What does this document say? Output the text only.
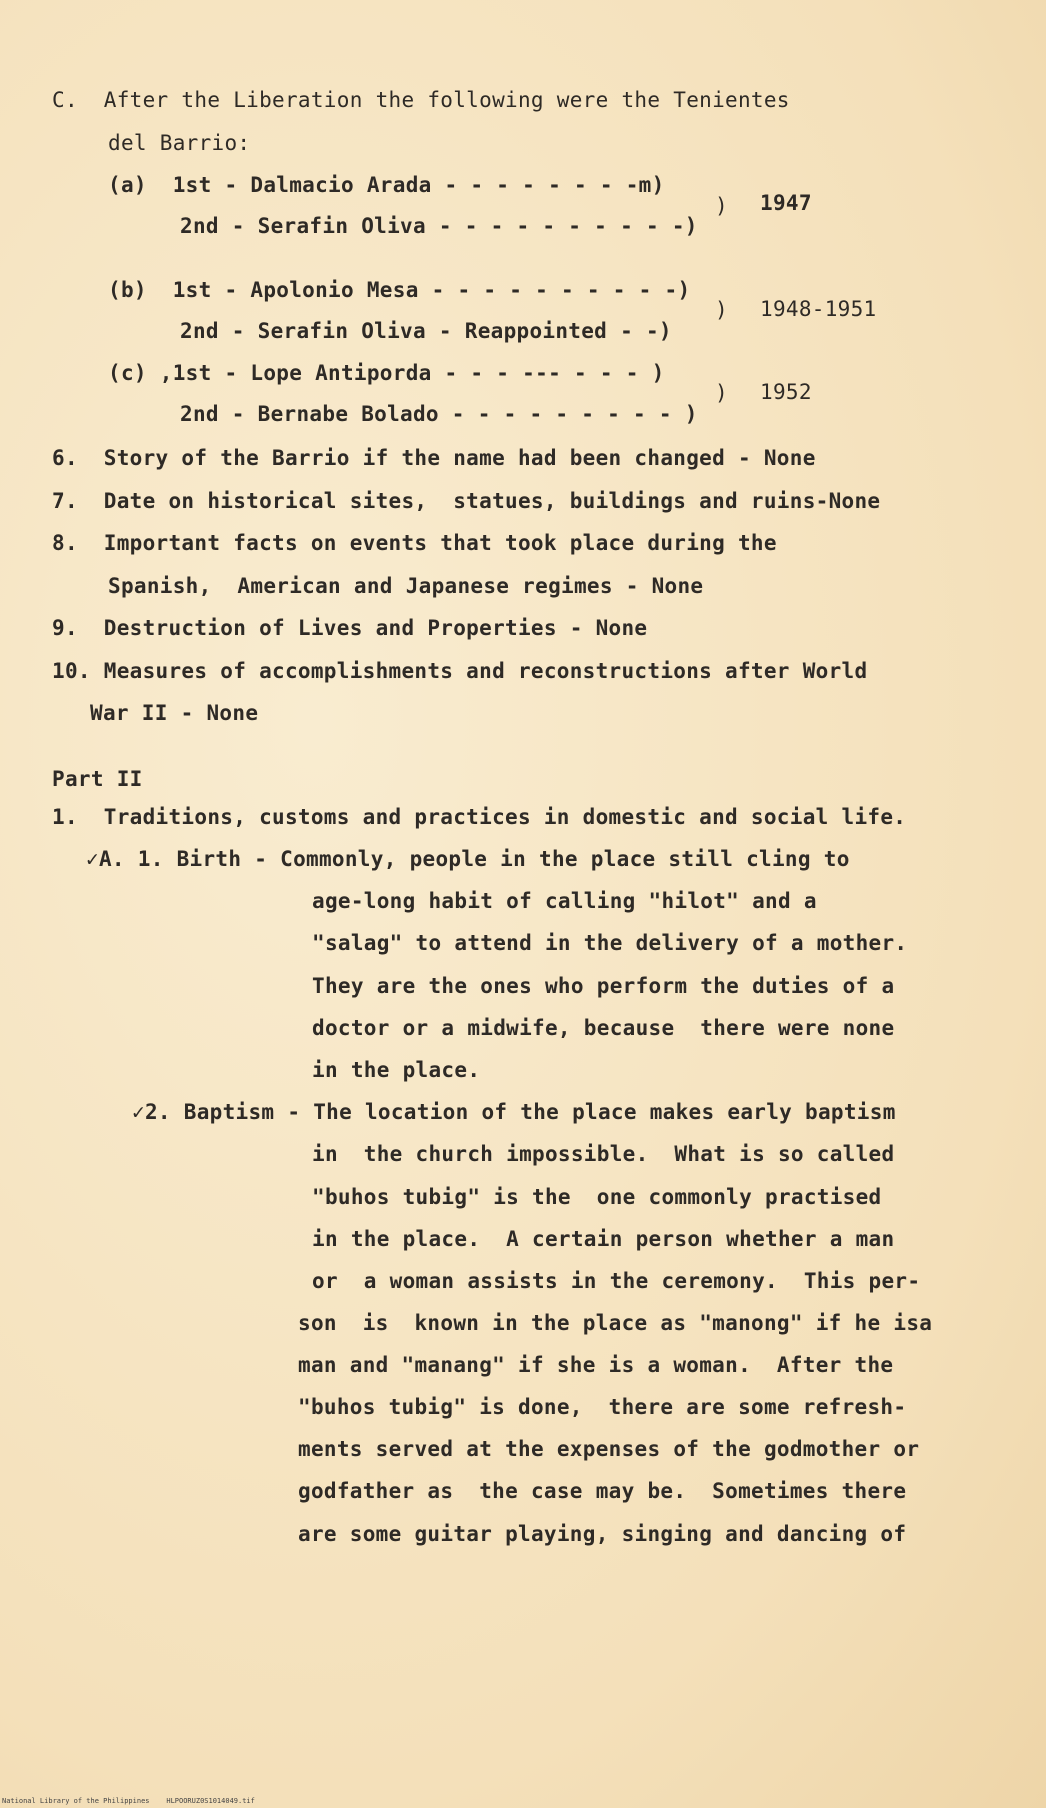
C.  After the Liberation the following were the Tenientes
del Barrio:
(a)  1st - Dalmacio Arada - - - - - - - -m)
) 1947
2nd - Serafin Oliva - - - - - - - - - -)
(b)  1st - Apolonio Mesa - - - - - - - - - -)
) 1948-1951
2nd - Serafin Oliva - Reappointed - -)
(c) ,1st - Lope Antiporda - - - --- - - - )
) 1952
2nd - Bernabe Bolado - - - - - - - - - )
6.  Story of the Barrio if the name had been changed - None
7.  Date on historical sites,  statues, buildings and ruins-None
8.  Important facts on events that took place during the
Spanish,  American and Japanese regimes - None
9.  Destruction of Lives and Properties - None
10. Measures of accomplishments and reconstructions after World
War II - None
Part II
1.  Traditions, customs and practices in domestic and social life.
✓A. 1. Birth - Commonly, people in the place still cling to
age-long habit of calling "hilot" and a
"salag" to attend in the delivery of a mother.
They are the ones who perform the duties of a
doctor or a midwife, because  there were none
in the place.
✓2. Baptism - The location of the place makes early baptism
in  the church impossible.  What is so called
"buhos tubig" is the  one commonly practised
in the place.  A certain person whether a man
or  a woman assists in the ceremony.  This per-
son  is  known in the place as "manong" if he isa
man and "manang" if she is a woman.  After the
"buhos tubig" is done,  there are some refresh-
ments served at the expenses of the godmother or
godfather as  the case may be.  Sometimes there
are some guitar playing, singing and dancing of
National Library of the Philippines    HLPOORUZ0S1014049.tif
